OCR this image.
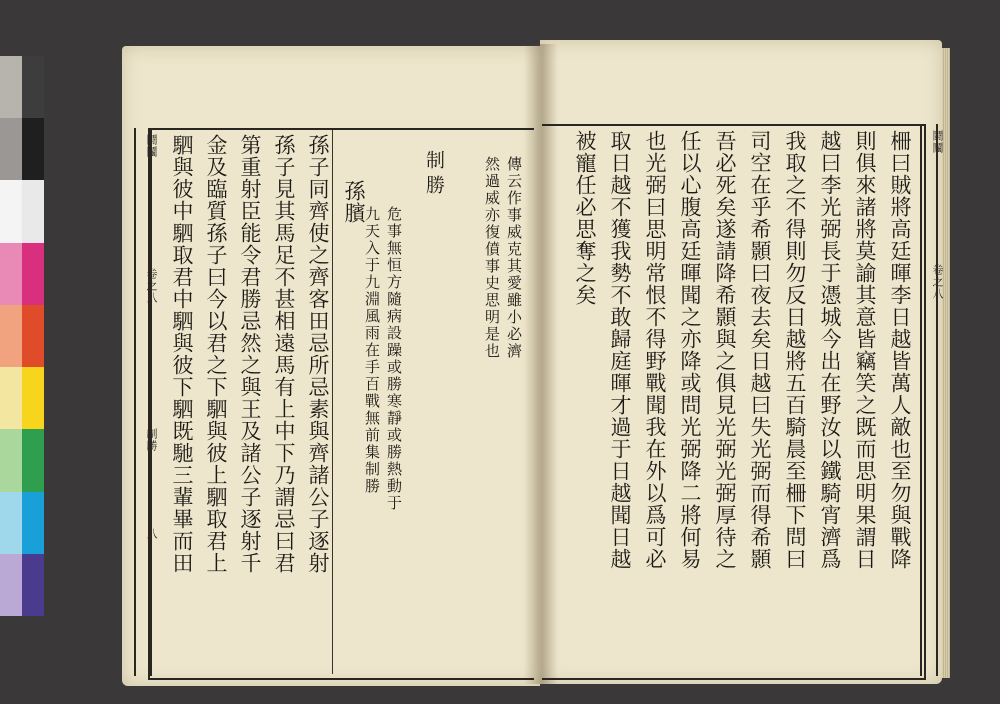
鬪鬮
卷之八
制勝
八
鬪鬮
卷之八
傳云作事威克其愛雖小必濟
然過威亦復僨事史思明是也
制勝
危事無恒方隨病設躁或勝寒靜或勝熱動于
九天入于九淵風雨在手百戰無前集制勝
孫臏
孫子同齊使之齊客田忌所忌素與齊諸公子逐射
孫子見其馬足不甚相遠馬有上中下乃謂忌曰君
第重射臣能令君勝忌然之與王及諸公子逐射千
金及臨質孫子曰今以君之下駟與彼上駟取君上
駟與彼中駟取君中駟與彼下駟既馳三輩畢而田	柵曰賊將高廷暉李日越皆萬人敵也至勿與戰降
則俱來諸將莫諭其意皆竊笑之既而思明果謂日
越曰李光弼長于憑城今出在野汝以鐵騎宵濟爲
我取之不得則勿反日越將五百騎晨至柵下問曰
司空在乎希顥曰夜去矣日越曰失光弼而得希顥
吾必死矣遂請降希顥與之俱見光弼光弼厚待之
任以心腹高廷暉聞之亦降或問光弼降二將何易
也光弼曰思明常恨不得野戰聞我在外以爲可必
取日越不獲我勢不敢歸庭暉才過于日越聞日越
被寵任必思奪之矣
